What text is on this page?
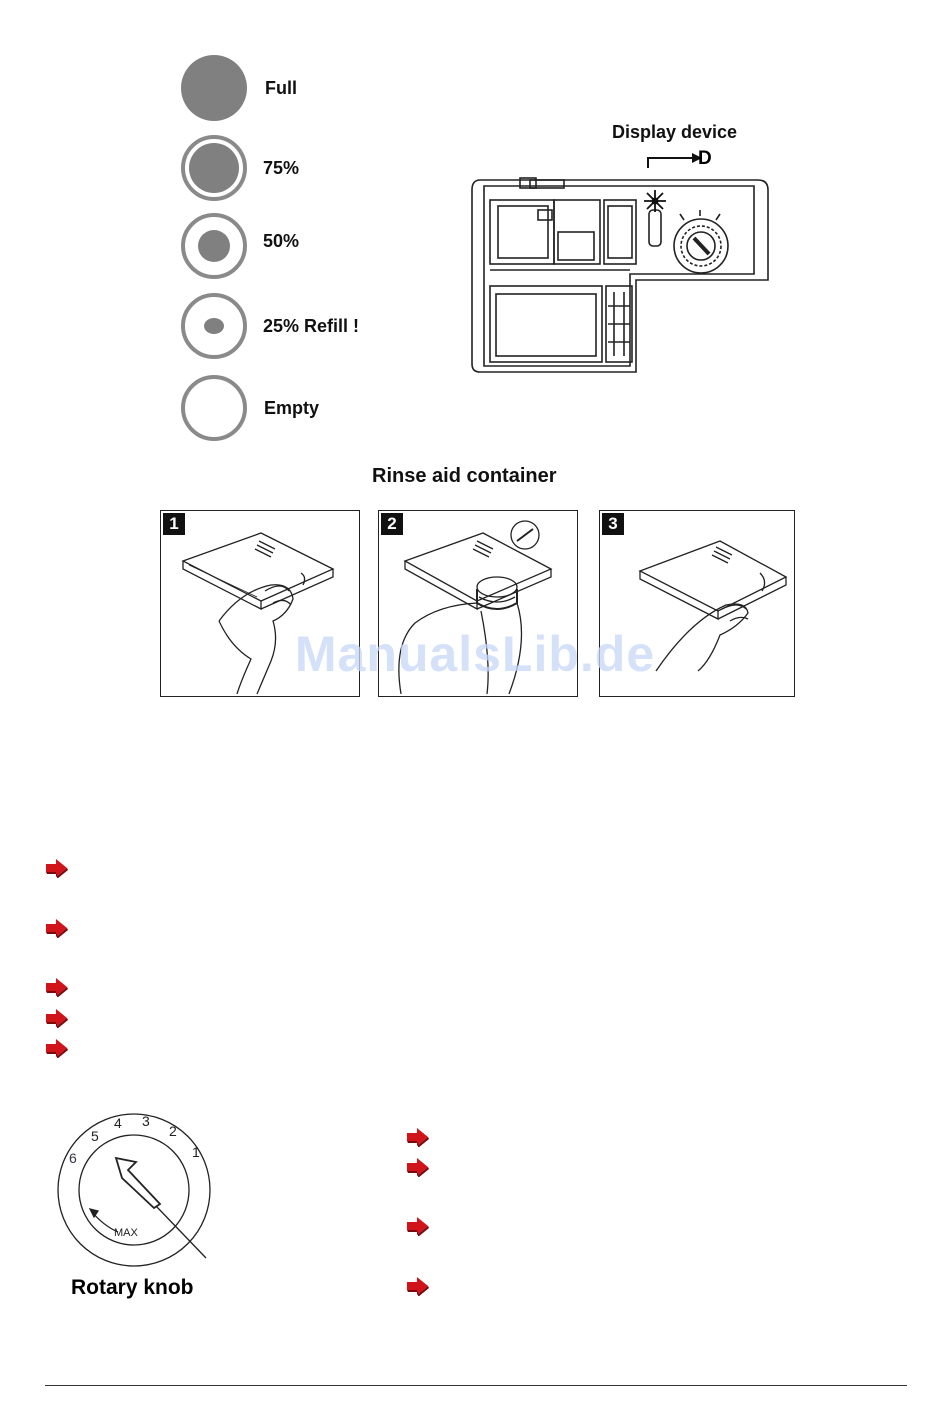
Full
75%
50%
25% Refill !
Empty
Display device
D
Rinse aid container
1	2	3
ManualsLib.de
1
2
3
4
5
6
MAX
Rotary knob
